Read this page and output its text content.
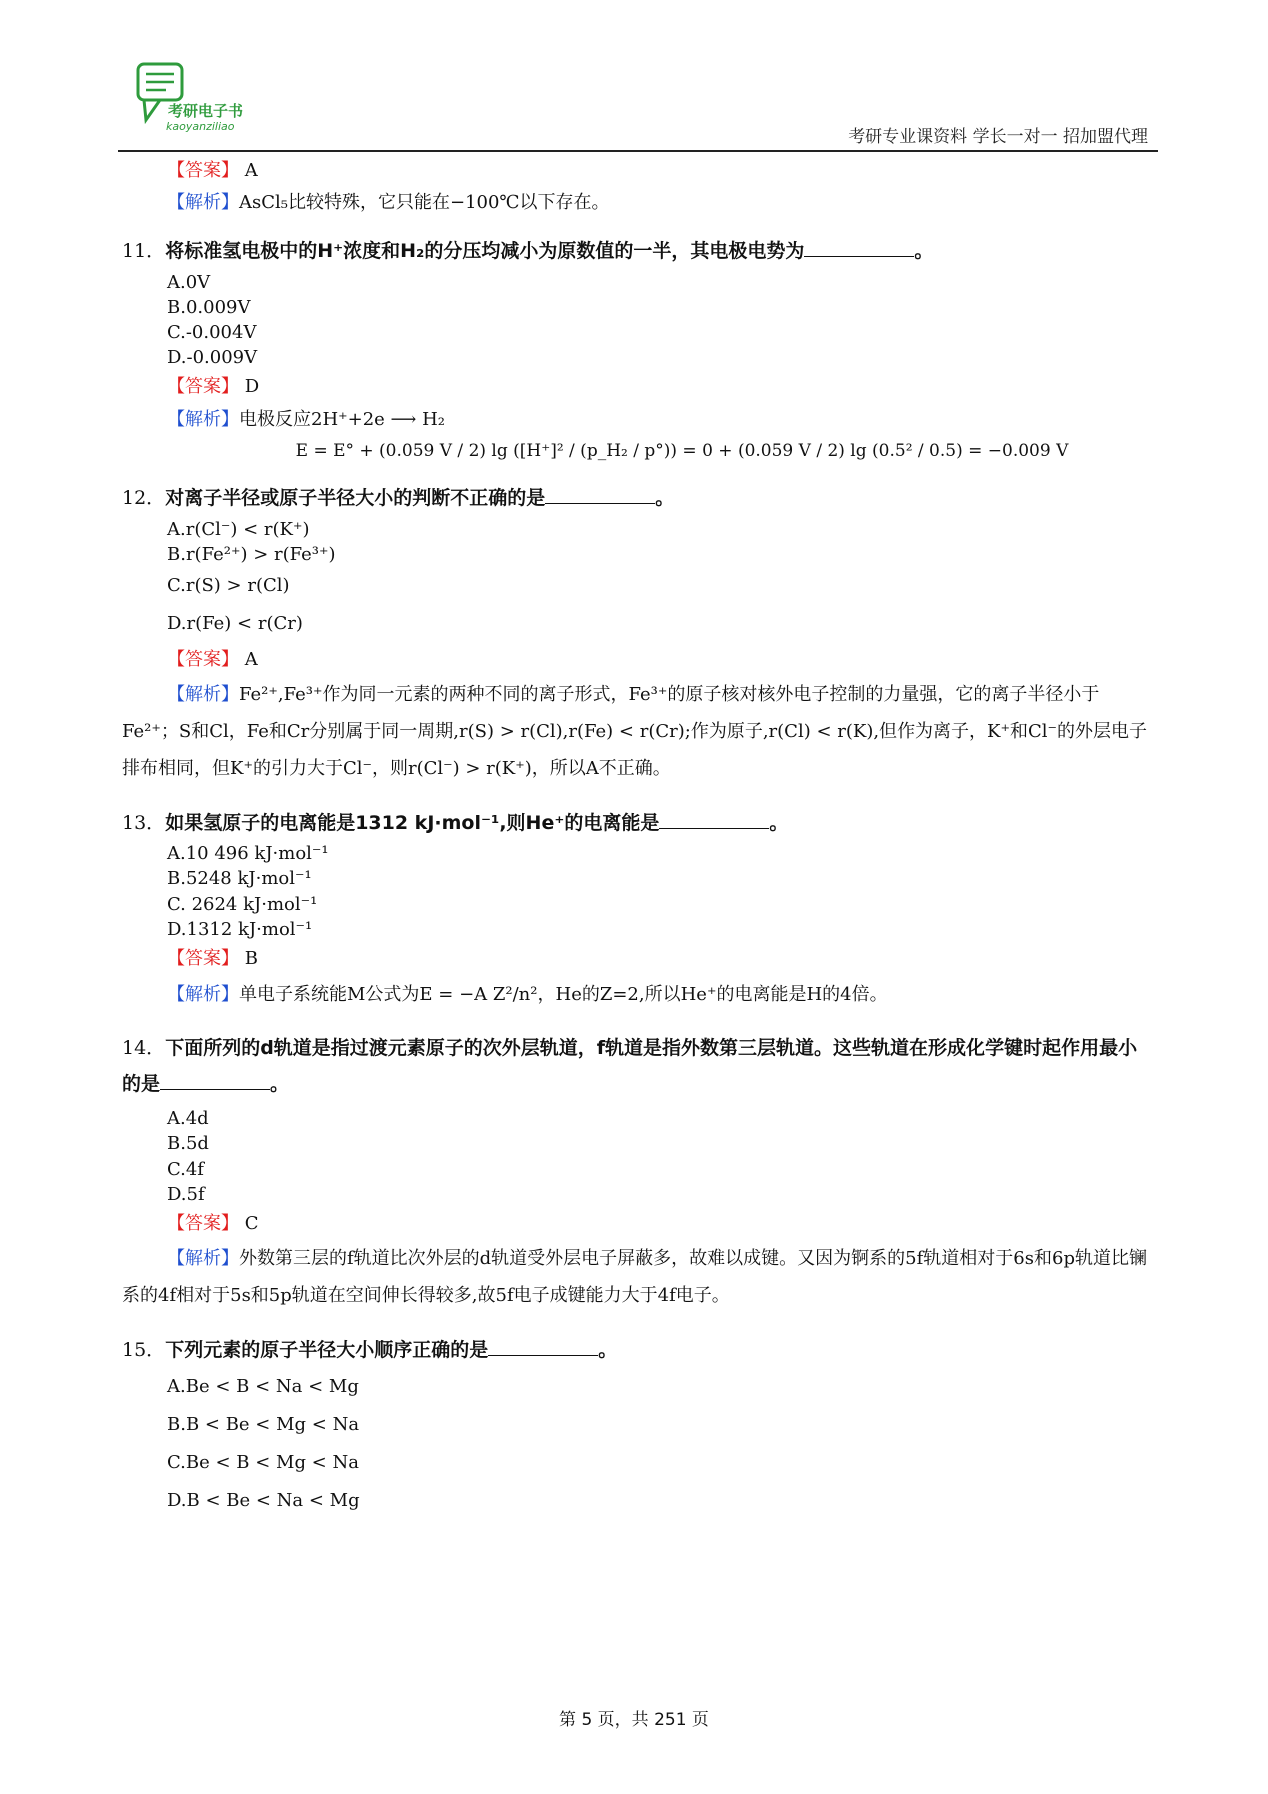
考研电子书
kaoyanziliao
考研专业课资料 学长一对一 招加盟代理
【答案】 A
【解析】AsCl₅比较特殊，它只能在−100℃以下存在。
11．将标准氢电极中的H⁺浓度和H₂的分压均减小为原数值的一半，其电极电势为	。
A.0V
B.0.009V
C.-0.004V
D.-0.009V
【答案】 D
【解析】电极反应2H⁺+2e ⟶ H₂
E = E° + (0.059 V / 2) lg ([H⁺]² / (p_H₂ / p°)) = 0 + (0.059 V / 2) lg (0.5² / 0.5) = −0.009 V
12．对离子半径或原子半径大小的判断不正确的是	。
A.r(Cl⁻) < r(K⁺)
B.r(Fe²⁺) > r(Fe³⁺)
C.r(S) > r(Cl)
D.r(Fe) < r(Cr)
【答案】 A
【解析】Fe²⁺,Fe³⁺作为同一元素的两种不同的离子形式，Fe³⁺的原子核对核外电子控制的力量强，它的离子半径小于Fe²⁺；S和Cl，Fe和Cr分别属于同一周期,r(S) > r(Cl),r(Fe) < r(Cr);作为原子,r(Cl) < r(K),但作为离子，K⁺和Cl⁻的外层电子排布相同，但K⁺的引力大于Cl⁻，则r(Cl⁻) > r(K⁺)，所以A不正确。
13．如果氢原子的电离能是1312 kJ·mol⁻¹,则He⁺的电离能是	。
A.10 496 kJ·mol⁻¹
B.5248 kJ·mol⁻¹
C. 2624 kJ·mol⁻¹
D.1312 kJ·mol⁻¹
【答案】 B
【解析】单电子系统能M公式为E = −A Z²/n²，He的Z=2,所以He⁺的电离能是H的4倍。
14．下面所列的d轨道是指过渡元素原子的次外层轨道，f轨道是指外数第三层轨道。这些轨道在形成化学键时起作用最小的是	。
A.4d
B.5d
C.4f
D.5f
【答案】 C
【解析】外数第三层的f轨道比次外层的d轨道受外层电子屏蔽多，故难以成键。又因为锕系的5f轨道相对于6s和6p轨道比镧系的4f相对于5s和5p轨道在空间伸长得较多,故5f电子成键能力大于4f电子。
15．下列元素的原子半径大小顺序正确的是	。
A.Be < B < Na < Mg
B.B < Be < Mg < Na
C.Be < B < Mg < Na
D.B < Be < Na < Mg
第 5 页，共 251 页
